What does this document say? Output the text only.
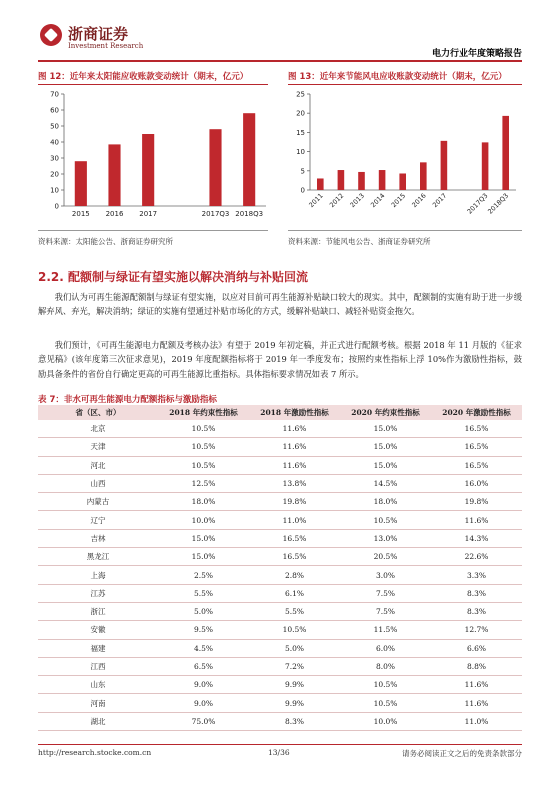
浙商证券
Investment Research
电力行业年度策略报告
图 12：近年来太阳能应收账款变动统计（期末，亿元）
0
10
20
30
40
50
60
70
2015 2016 2017	2017Q3 2018Q3
资料来源：太阳能公告、浙商证券研究所
图 13：近年来节能风电应收账款变动统计（期末，亿元）
0
5
10
15
20
25
2011 2012 2013 2014 2015 2016 2017	2017Q3
2018Q3
资料来源：节能风电公告、浙商证券研究所
2.2. 配额制与绿证有望实施以解决消纳与补贴回流
我们认为可再生能源配额制与绿证有望实施，以应对目前可再生能源补贴缺口较大的现实。其中，配额制的实施有助于进一步缓解弃风、弃光，解决消纳；绿证的实施有望通过补贴市场化的方式，缓解补贴缺口、减轻补贴资金拖欠。
我们预计，《可再生能源电力配额及考核办法》有望于 2019 年初定稿，并正式进行配额考核。根据 2018 年 11 月版的《征求意见稿》(该年度第三次征求意见)，2019 年度配额指标将于 2019 年一季度发布；按照约束性指标上浮 10%作为激励性指标，鼓励具备条件的省份自行确定更高的可再生能源比重指标。具体指标要求情况如表 7 所示。
表 7：非水可再生能源电力配额指标与激励指标
省（区、市）	2018 年约束性指标	2018 年激励性指标	2020 年约束性指标	2020 年激励性指标
北京	10.5%	11.6%	15.0%	16.5%
天津	10.5%	11.6%	15.0%	16.5%
河北	10.5%	11.6%	15.0%	16.5%
山西	12.5%	13.8%	14.5%	16.0%
内蒙古	18.0%	19.8%	18.0%	19.8%
辽宁	10.0%	11.0%	10.5%	11.6%
吉林	15.0%	16.5%	13.0%	14.3%
黑龙江	15.0%	16.5%	20.5%	22.6%
上海	2.5%	2.8%	3.0%	3.3%
江苏	5.5%	6.1%	7.5%	8.3%
浙江	5.0%	5.5%	7.5%	8.3%
安徽	9.5%	10.5%	11.5%	12.7%
福建	4.5%	5.0%	6.0%	6.6%
江西	6.5%	7.2%	8.0%	8.8%
山东	9.0%	9.9%	10.5%	11.6%
河南	9.0%	9.9%	10.5%	11.6%
湖北	75.0%	8.3%	10.0%	11.0%
http://research.stocke.com.cn	13/36	请务必阅读正文之后的免责条款部分
